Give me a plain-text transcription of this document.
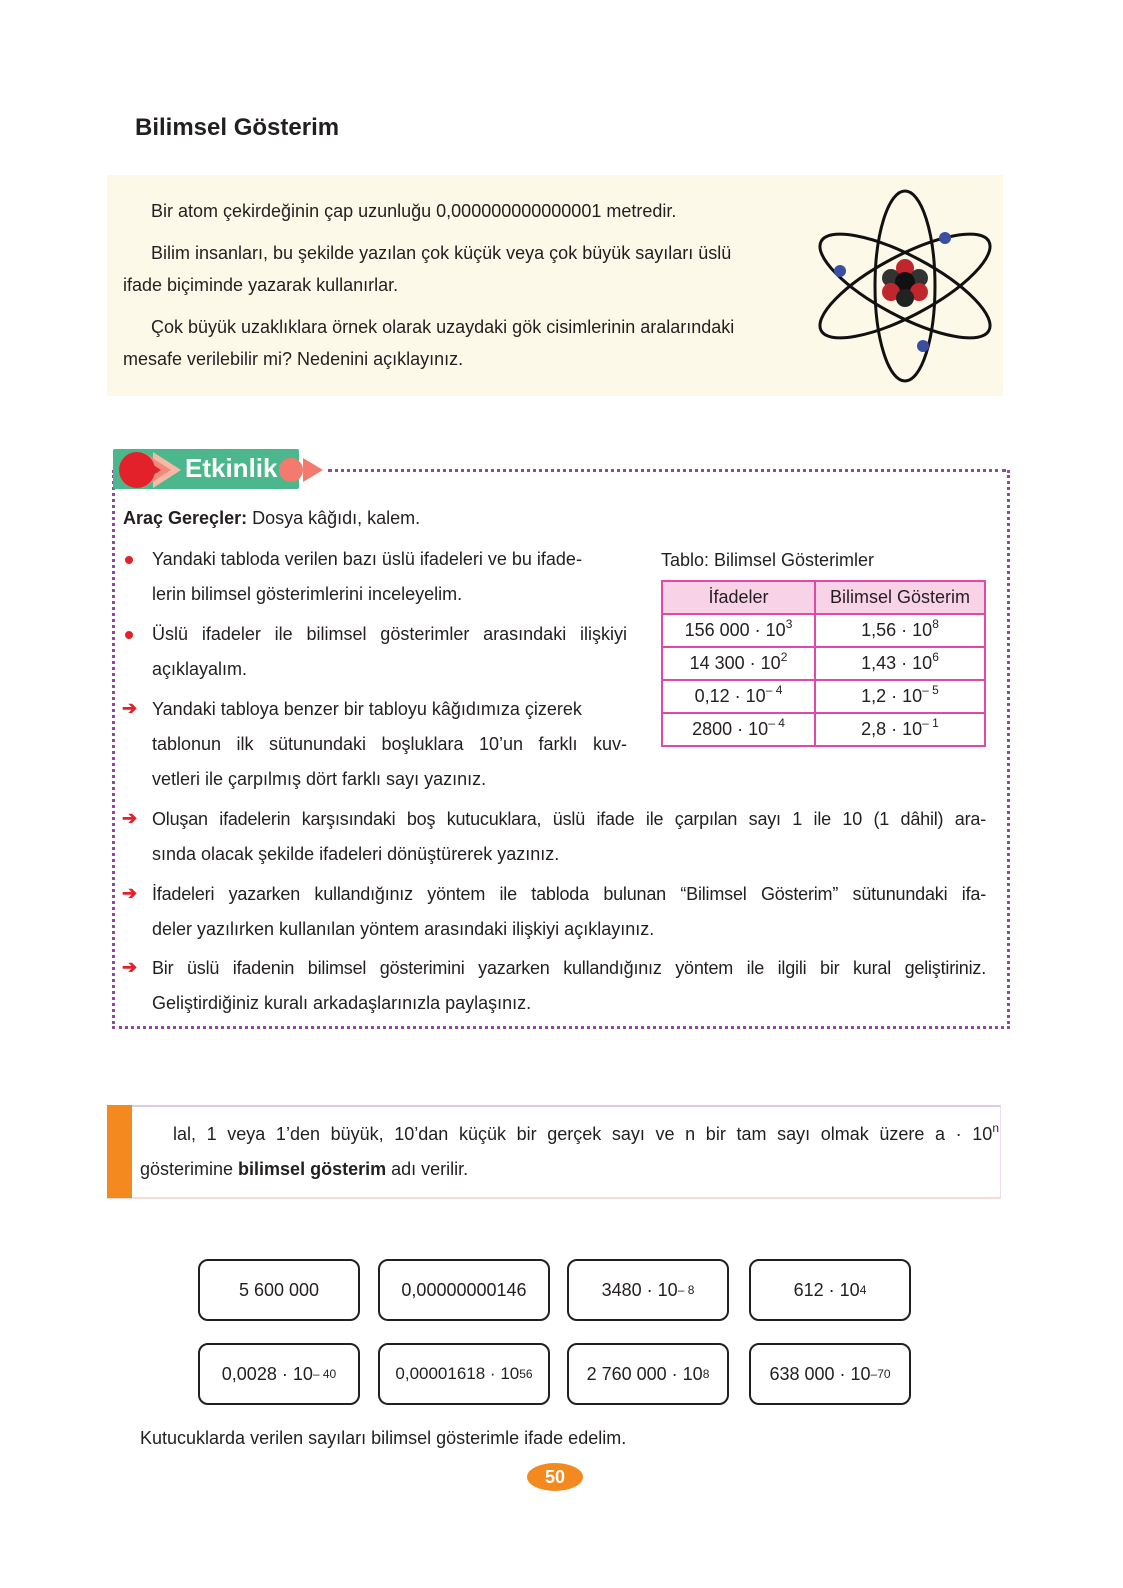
Bilimsel Gösterim

Bir atom çekirdeğinin çap uzunluğu 0,000000000000001 metredir.

Bilim insanları, bu şekilde yazılan çok küçük veya çok büyük sayıları üslü

ifade biçiminde yazarak kullanırlar.

Çok büyük uzaklıklara örnek olarak uzaydaki gök cisimlerinin aralarındaki

mesafe verilebilir mi? Nedenini açıklayınız.

Etkinlik
Araç Gereçler: Dosya kâğıdı, kalem.
Yandaki tabloda verilen bazı üslü ifadeleri ve bu ifade-
lerin bilimsel gösterimlerini inceleyelim.
Üslü ifadeler ile bilimsel gösterimler arasındaki ilişkiyi
açıklayalım.
➔ Yandaki tabloya benzer bir tabloyu kâğıdımıza çizerek
tablonun ilk sütunundaki boşluklara 10’un farklı kuv-
vetleri ile çarpılmış dört farklı sayı yazınız.
➔ Oluşan ifadelerin karşısındaki boş kutucuklara, üslü ifade ile çarpılan sayı 1 ile 10 (1 dâhil) ara-
sında olacak şekilde ifadeleri dönüştürerek yazınız.
➔ İfadeleri yazarken kullandığınız yöntem ile tabloda bulunan “Bilimsel Gösterim” sütunundaki ifa-
deler yazılırken kullanılan yöntem arasındaki ilişkiyi açıklayınız.
➔ Bir üslü ifadenin bilimsel gösterimini yazarken kullandığınız yöntem ile ilgili bir kural geliştiriniz.
Geliştirdiğiniz kuralı arkadaşlarınızla paylaşınız.
Tablo: Bilimsel Gösterimler
İfadeler	Bilimsel Gösterim
156 $000 \cdot 10^3$	$1,56 \cdot 10^8$
14 $300 \cdot 10^2$	$1,43 \cdot 10^6$
$0,12 \cdot 10^{- 4}$	$1,2 \cdot 10^{- 5}$
$2800 \cdot 10^{- 4}$	$2,8 \cdot 10^{- 1}$

lal, 1 veya 1’den büyük, 10’dan küçük bir gerçek sayı ve n bir tam sayı olmak üzere $a \cdot 10^n$

gösterimine bilimsel gösterim adı verilir.

5 600 000	0,00000000146	3480 · 10 – 8	612 · 10 4
0,0028 · 10 – 40	0,00001618 · 10 56	2 760 000 · 10 8	638 000 · 10 –70
Kutucuklarda verilen sayıları bilimsel gösterimle ifade edelim.
50
